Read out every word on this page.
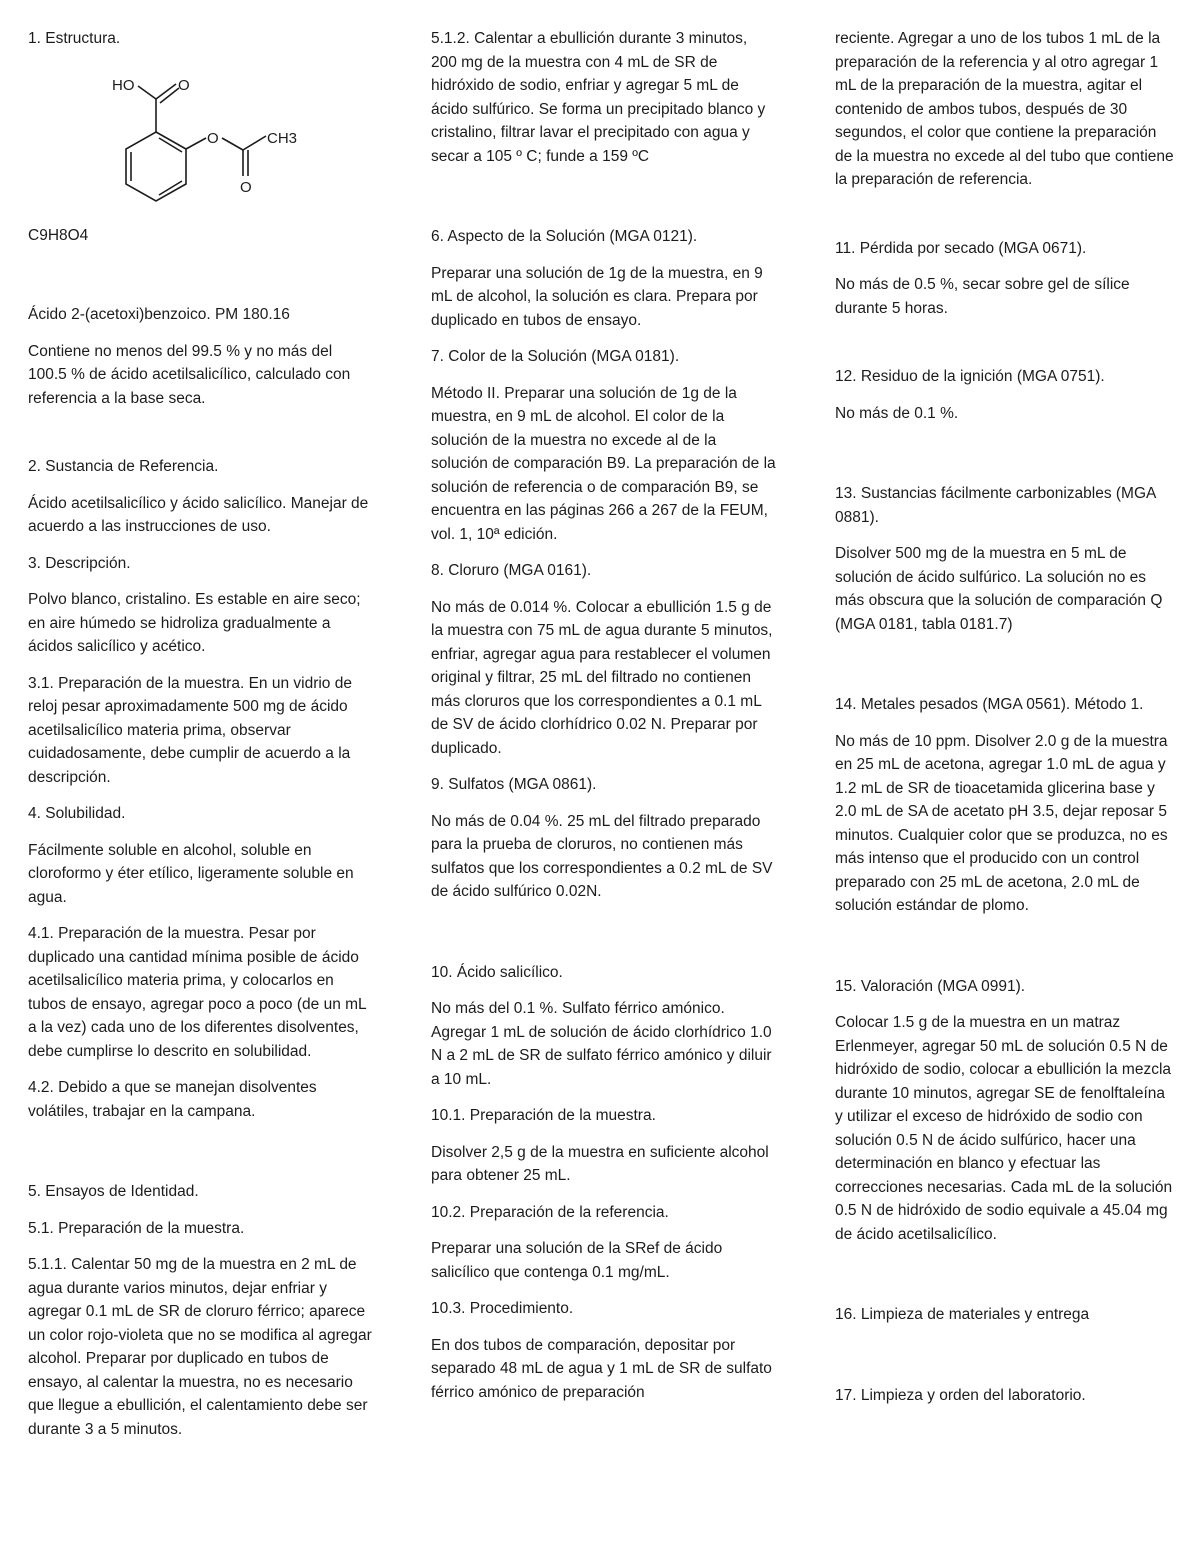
1. Estructura.

HO	O
O	CH3
O

C9H8O4

Ácido 2-(acetoxi)benzoico. PM 180.16

Contiene no menos del 99.5 % y no más del 100.5 % de ácido acetilsalicílico, calculado con referencia a la base seca.

2. Sustancia de Referencia.

Ácido acetilsalicílico y ácido salicílico. Manejar de acuerdo a las instrucciones de uso.

3. Descripción.

Polvo blanco, cristalino. Es estable en aire seco; en aire húmedo se hidroliza gradualmente a ácidos salicílico y acético.

3.1. Preparación de la muestra. En un vidrio de reloj pesar aproximadamente 500 mg de ácido acetilsalicílico materia prima, observar cuidadosamente, debe cumplir de acuerdo a la descripción.

4. Solubilidad.

Fácilmente soluble en alcohol, soluble en cloroformo y éter etílico, ligeramente soluble en agua.

4.1. Preparación de la muestra. Pesar por duplicado una cantidad mínima posible de ácido acetilsalicílico materia prima, y colocarlos en tubos de ensayo, agregar poco a poco (de un mL a la vez) cada uno de los diferentes disolventes, debe cumplirse lo descrito en solubilidad.

4.2. Debido a que se manejan disolventes volátiles, trabajar en la campana.

5. Ensayos de Identidad.

5.1. Preparación de la muestra.

5.1.1. Calentar 50 mg de la muestra en 2 mL de agua durante varios minutos, dejar enfriar y agregar 0.1 mL de SR de cloruro férrico; aparece un color rojo-violeta que no se modifica al agregar alcohol. Preparar por duplicado en tubos de ensayo, al calentar la muestra, no es necesario que llegue a ebullición, el calentamiento debe ser durante 3 a 5 minutos.

5.1.2. Calentar a ebullición durante 3 minutos, 200 mg de la muestra con 4 mL de SR de hidróxido de sodio, enfriar y agregar 5 mL de ácido sulfúrico. Se forma un precipitado blanco y cristalino, filtrar lavar el precipitado con agua y secar a 105 º C; funde a 159 ºC

6. Aspecto de la Solución (MGA 0121).

Preparar una solución de 1g de la muestra, en 9 mL de alcohol, la solución es clara. Prepara por duplicado en tubos de ensayo.

7. Color de la Solución (MGA 0181).

Método II. Preparar una solución de 1g de la muestra, en 9 mL de alcohol. El color de la solución de la muestra no excede al de la solución de comparación B9. La preparación de la solución de referencia o de comparación B9, se encuentra en las páginas 266 a 267 de la FEUM, vol. 1, 10ª edición.

8. Cloruro (MGA 0161).

No más de 0.014 %. Colocar a ebullición 1.5 g de la muestra con 75 mL de agua durante 5 minutos, enfriar, agregar agua para restablecer el volumen original y filtrar, 25 mL del filtrado no contienen más cloruros que los correspondientes a 0.1 mL de SV de ácido clorhídrico 0.02 N. Preparar por duplicado.

9. Sulfatos (MGA 0861).

No más de 0.04 %. 25 mL del filtrado preparado para la prueba de cloruros, no contienen más sulfatos que los correspondientes a 0.2 mL de SV de ácido sulfúrico 0.02N.

10. Ácido salicílico.

No más del 0.1 %. Sulfato férrico amónico. Agregar 1 mL de solución de ácido clorhídrico 1.0 N a 2 mL de SR de sulfato férrico amónico y diluir a 10 mL.

10.1. Preparación de la muestra.

Disolver 2,5 g de la muestra en suficiente alcohol para obtener 25 mL.

10.2. Preparación de la referencia.

Preparar una solución de la SRef de ácido salicílico que contenga 0.1 mg/mL.

10.3. Procedimiento.

En dos tubos de comparación, depositar por separado 48 mL de agua y 1 mL de SR de sulfato férrico amónico de preparación

reciente. Agregar a uno de los tubos 1 mL de la preparación de la referencia y al otro agregar 1 mL de la preparación de la muestra, agitar el contenido de ambos tubos, después de 30 segundos, el color que contiene la preparación de la muestra no excede al del tubo que contiene la preparación de referencia.

11. Pérdida por secado (MGA 0671).

No más de 0.5 %, secar sobre gel de sílice durante 5 horas.

12. Residuo de la ignición (MGA 0751).

No más de 0.1 %.

13. Sustancias fácilmente carbonizables (MGA 0881).

Disolver 500 mg de la muestra en 5 mL de solución de ácido sulfúrico. La solución no es más obscura que la solución de comparación Q (MGA 0181, tabla 0181.7)

14. Metales pesados (MGA 0561). Método 1.

No más de 10 ppm. Disolver 2.0 g de la muestra en 25 mL de acetona, agregar 1.0 mL de agua y 1.2 mL de SR de tioacetamida glicerina base y 2.0 mL de SA de acetato pH 3.5, dejar reposar 5 minutos. Cualquier color que se produzca, no es más intenso que el producido con un control preparado con 25 mL de acetona, 2.0 mL de solución estándar de plomo.

15. Valoración (MGA 0991).

Colocar 1.5 g de la muestra en un matraz Erlenmeyer, agregar 50 mL de solución 0.5 N de hidróxido de sodio, colocar a ebullición la mezcla durante 10 minutos, agregar SE de fenolftaleína y utilizar el exceso de hidróxido de sodio con solución 0.5 N de ácido sulfúrico, hacer una determinación en blanco y efectuar las correcciones necesarias. Cada mL de la solución 0.5 N de hidróxido de sodio equivale a 45.04 mg de ácido acetilsalicílico.

16. Limpieza de materiales y entrega

17. Limpieza y orden del laboratorio.
